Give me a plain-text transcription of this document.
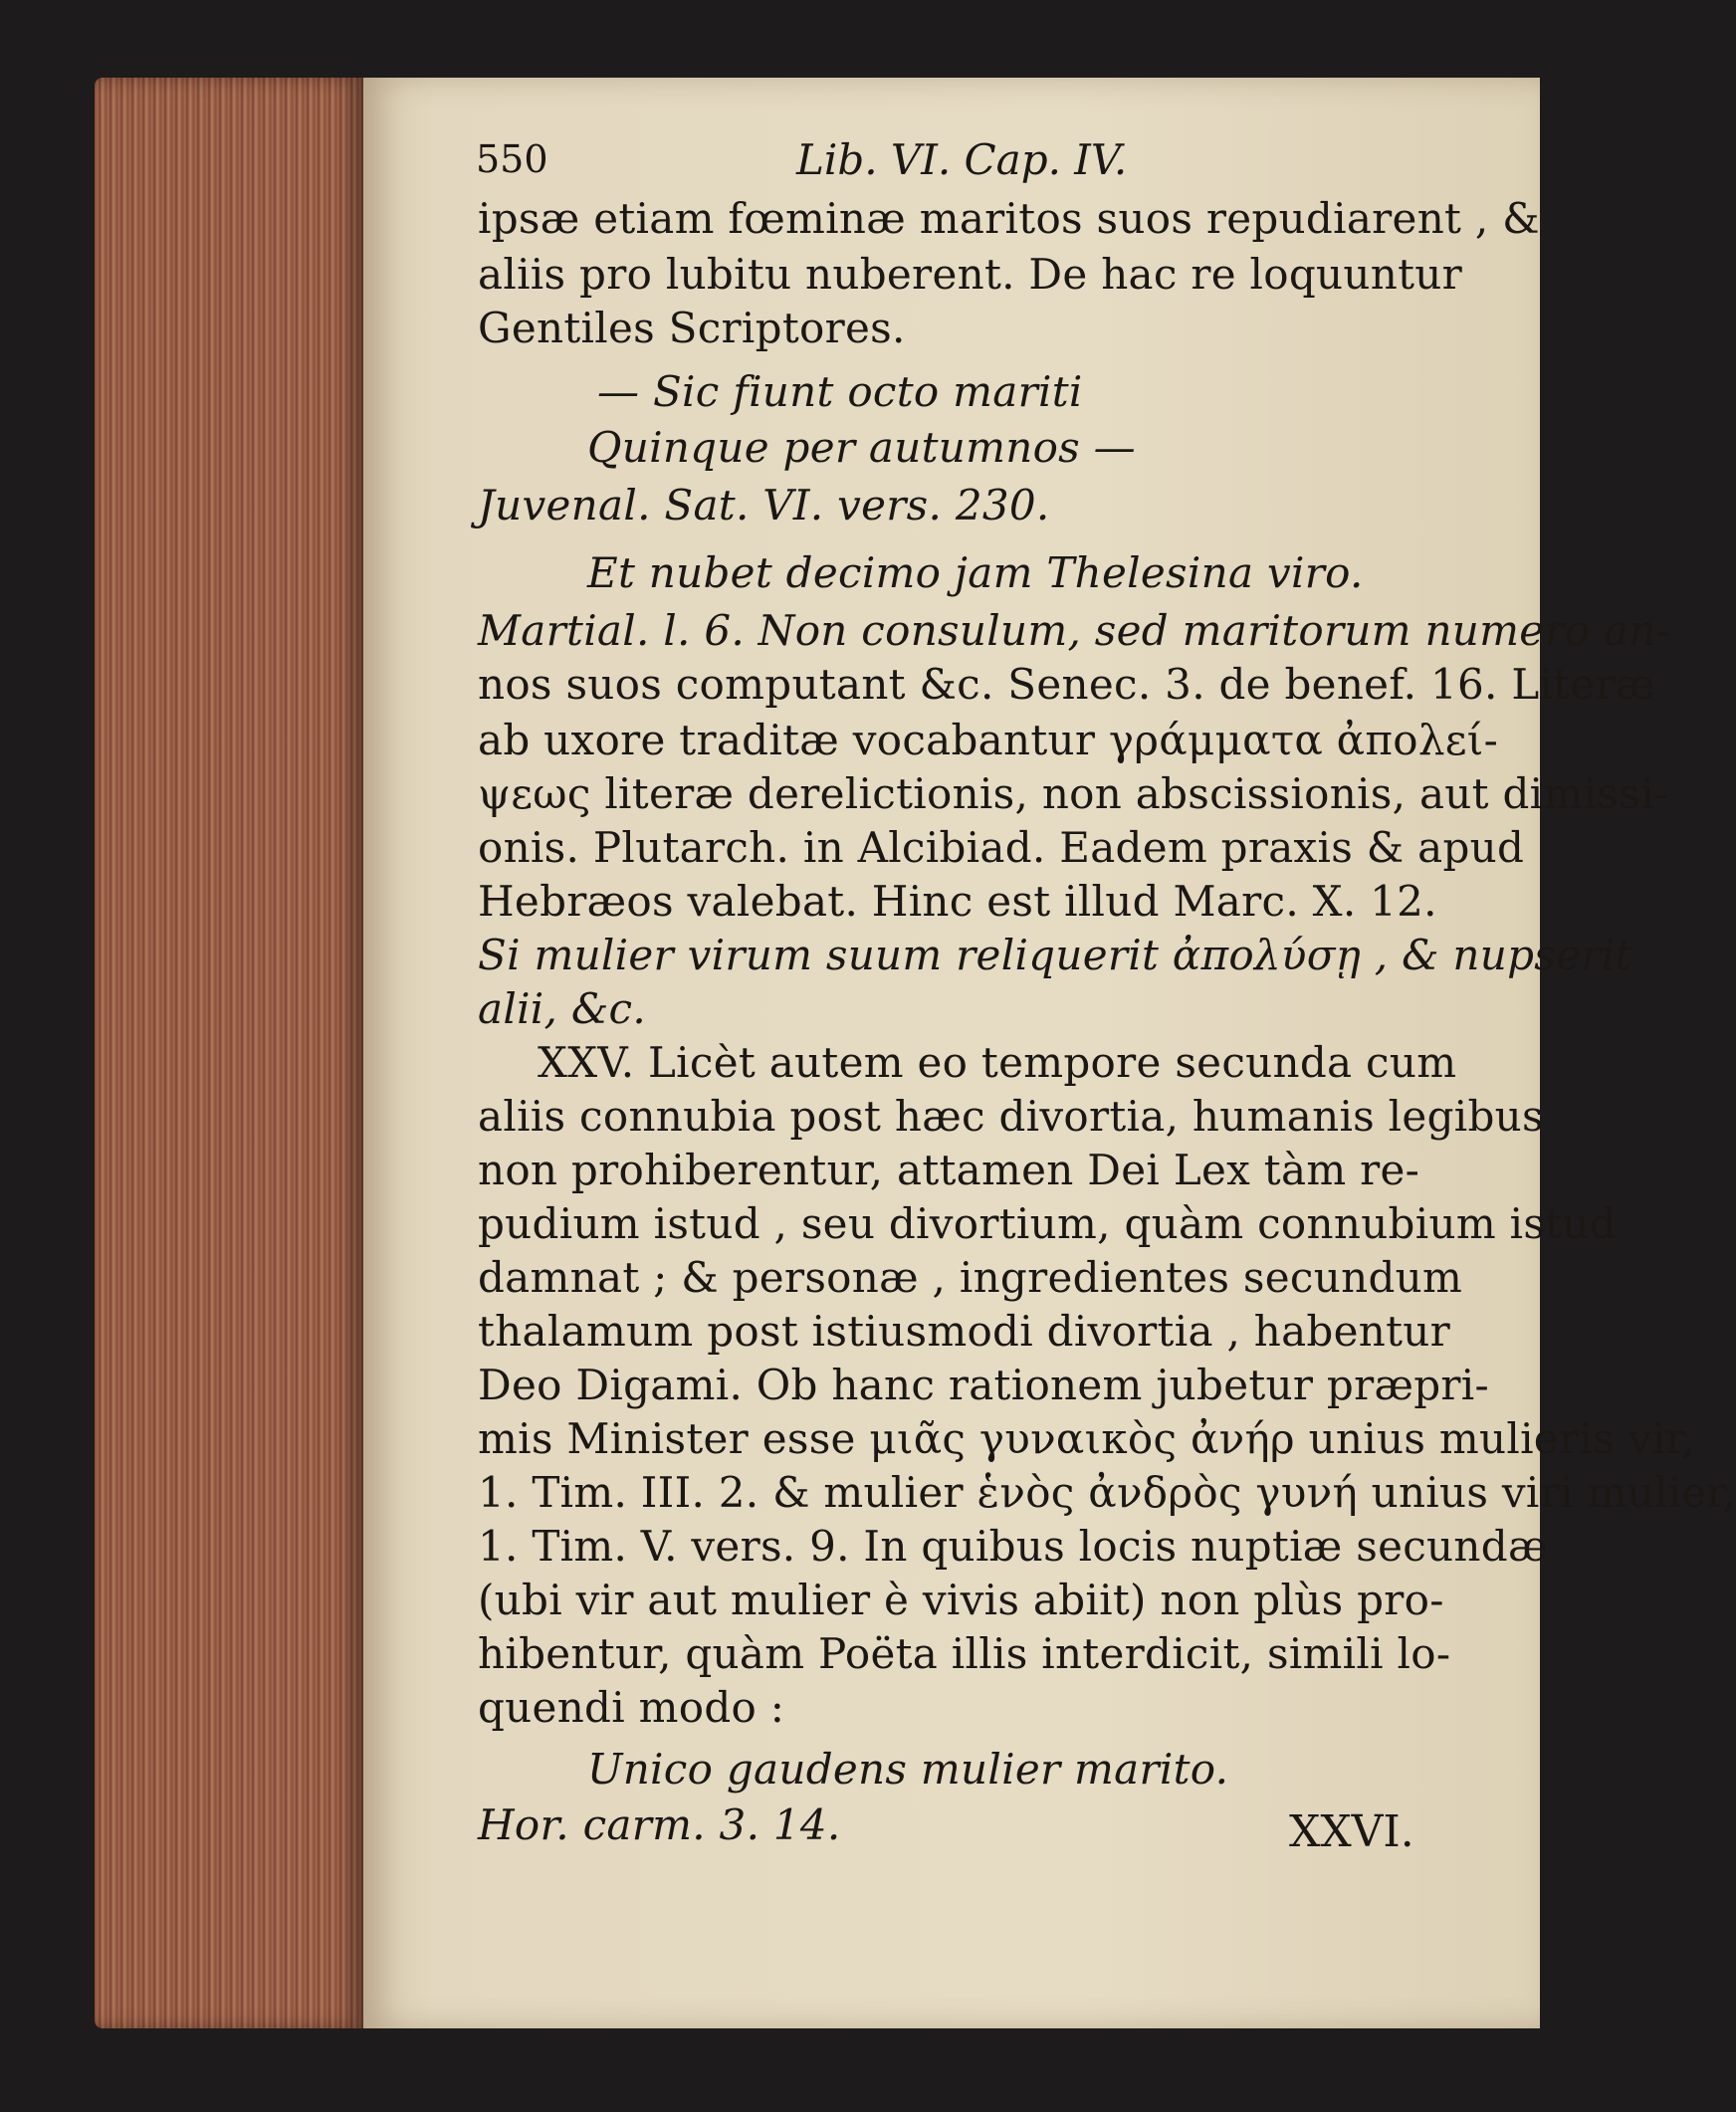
550	Lib. VI. Cap. IV.
ipsæ etiam fœminæ maritos suos repudiarent , &
aliis pro lubitu nuberent. De hac re loquuntur
Gentiles Scriptores.
— Sic fiunt octo mariti
Quinque per autumnos —
Juvenal. Sat. VI. vers. 230.
Et nubet decimo jam Thelesina viro.
Martial. l. 6. Non consulum, sed maritorum numero an-
nos suos computant &c. Senec. 3. de benef. 16. Literæ
ab uxore traditæ vocabantur γράμματα ἀπολεί-
ψεως literæ derelictionis, non abscissionis, aut dimissi-
onis. Plutarch. in Alcibiad. Eadem praxis & apud
Hebræos valebat. Hinc est illud Marc. X. 12.
Si mulier virum suum reliquerit ἀπολύσῃ , & nupserit
alii, &c.
XXV. Licèt autem eo tempore secunda cum
aliis connubia post hæc divortia, humanis legibus
non prohiberentur, attamen Dei Lex tàm re-
pudium istud , seu divortium, quàm connubium istud
damnat ; & personæ , ingredientes secundum
thalamum post istiusmodi divortia , habentur
Deo Digami. Ob hanc rationem jubetur præpri-
mis Minister esse μιᾶς γυναικὸς ἀνήρ unius mulieris vir,
1. Tim. III. 2. & mulier ἑνὸς ἀνδρὸς γυνή unius viri mulier,
1. Tim. V. vers. 9. In quibus locis nuptiæ secundæ
(ubi vir aut mulier è vivis abiit) non plùs pro-
hibentur, quàm Poëta illis interdicit, simili lo-
quendi modo :
Unico gaudens mulier marito.
Hor. carm. 3. 14.	XXVI.
